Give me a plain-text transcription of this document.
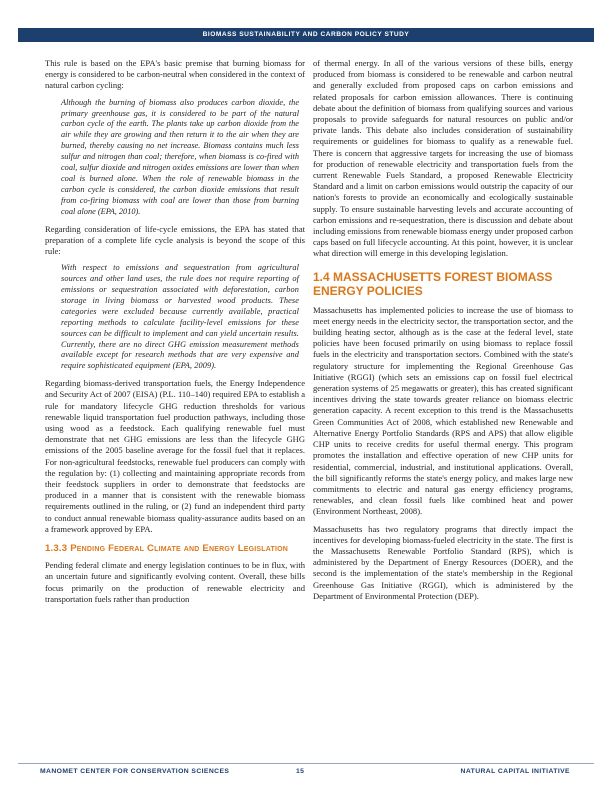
BIOMASS SUSTAINABILITY AND CARBON POLICY STUDY

This rule is based on the EPA's basic premise that burning biomass for energy is considered to be carbon-neutral when considered in the context of natural carbon cycling:

Although the burning of biomass also produces carbon dioxide, the primary greenhouse gas, it is considered to be part of the natural carbon cycle of the earth. The plants take up carbon dioxide from the air while they are growing and then return it to the air when they are burned, thereby causing no net increase. Biomass contains much less sulfur and nitrogen than coal; therefore, when biomass is co-fired with coal, sulfur dioxide and nitrogen oxides emissions are lower than when coal is burned alone. When the role of renewable biomass in the carbon cycle is considered, the carbon dioxide emissions that result from co-firing biomass with coal are lower than those from burning coal alone (EPA, 2010).

Regarding consideration of life-cycle emissions, the EPA has stated that preparation of a complete life cycle analysis is beyond the scope of this rule:

With respect to emissions and sequestration from agricultural sources and other land uses, the rule does not require reporting of emissions or sequestration associated with deforestation, carbon storage in living biomass or harvested wood products. These categories were excluded because currently available, practical reporting methods to calculate facility-level emissions for these sources can be difficult to implement and can yield uncertain results. Currently, there are no direct GHG emission measurement methods available except for research methods that are very expensive and require sophisticated equipment (EPA, 2009).

Regarding biomass-derived transportation fuels, the Energy Independence and Security Act of 2007 (EISA) (P.L. 110–140) required EPA to establish a rule for mandatory lifecycle GHG reduction thresholds for various renewable liquid transportation fuel production pathways, including those using wood as a feedstock. Each qualifying renewable fuel must demonstrate that net GHG emissions are less than the lifecycle GHG emissions of the 2005 baseline average for the fossil fuel that it replaces. For non-agricultural feedstocks, renewable fuel producers can comply with the regulation by: (1) collecting and maintaining appropriate records from their feedstock suppliers in order to demonstrate that feedstocks are produced in a manner that is consistent with the renewable biomass requirements outlined in the ruling, or (2) fund an independent third party to conduct annual renewable biomass quality-assurance audits based on an a framework approved by EPA.

1.3.3 Pending Federal Climate and Energy Legislation

Pending federal climate and energy legislation continues to be in flux, with an uncertain future and significantly evolving content. Overall, these bills focus primarily on the production of renewable electricity and transportation fuels rather than production

of thermal energy. In all of the various versions of these bills, energy produced from biomass is considered to be renewable and carbon neutral and generally excluded from proposed caps on carbon emissions and related proposals for carbon emission allowances. There is continuing debate about the definition of biomass from qualifying sources and various proposals to provide safeguards for natural resources on public and/or private lands. This debate also includes consideration of sustainability requirements or guidelines for biomass to qualify as a renewable fuel. There is concern that aggressive targets for increasing the use of biomass for production of renewable electricity and transportation fuels from the current Renewable Fuels Standard, a proposed Renewable Electricity Standard and a limit on carbon emissions would outstrip the capacity of our nation's forests to provide an economically and ecologically sustainable supply. To ensure sustainable harvesting levels and accurate accounting of carbon emissions and re-sequestration, there is discussion and debate about including emissions from renewable biomass energy under proposed carbon caps based on full lifecycle accounting. At this point, however, it is unclear what direction will emerge in this developing legislation.

1.4 MASSACHUSETTS FOREST BIOMASS ENERGY POLICIES

Massachusetts has implemented policies to increase the use of biomass to meet energy needs in the electricity sector, the transportation sector, and the building heating sector, although as is the case at the federal level, state policies have been focused primarily on using biomass to replace fossil fuels in the electricity and transportation sectors. Combined with the state's regulatory structure for implementing the Regional Greenhouse Gas Initiative (RGGI) (which sets an emissions cap on fossil fuel electrical generation systems of 25 megawatts or greater), this has created significant incentives driving the state towards greater reliance on biomass electric generation capacity. A recent exception to this trend is the Massachusetts Green Communities Act of 2008, which established new Renewable and Alternative Energy Portfolio Standards (RPS and APS) that allow eligible CHP units to receive credits for useful thermal energy. This program promotes the installation and effective operation of new CHP units for residential, commercial, industrial, and institutional applications. Overall, the bill significantly reforms the state's energy policy, and makes large new commitments to electric and natural gas energy efficiency programs, renewables, and clean fossil fuels like combined heat and power (Environment Northeast, 2008).

Massachusetts has two regulatory programs that directly impact the incentives for developing biomass-fueled electricity in the state. The first is the Massachusetts Renewable Portfolio Standard (RPS), which is administered by the Department of Energy Resources (DOER), and the second is the implementation of the state's membership in the Regional Greenhouse Gas Initiative (RGGI), which is administered by the Department of Environmental Protection (DEP).

MANOMET CENTER FOR CONSERVATION SCIENCES	15	NATURAL CAPITAL INITIATIVE
